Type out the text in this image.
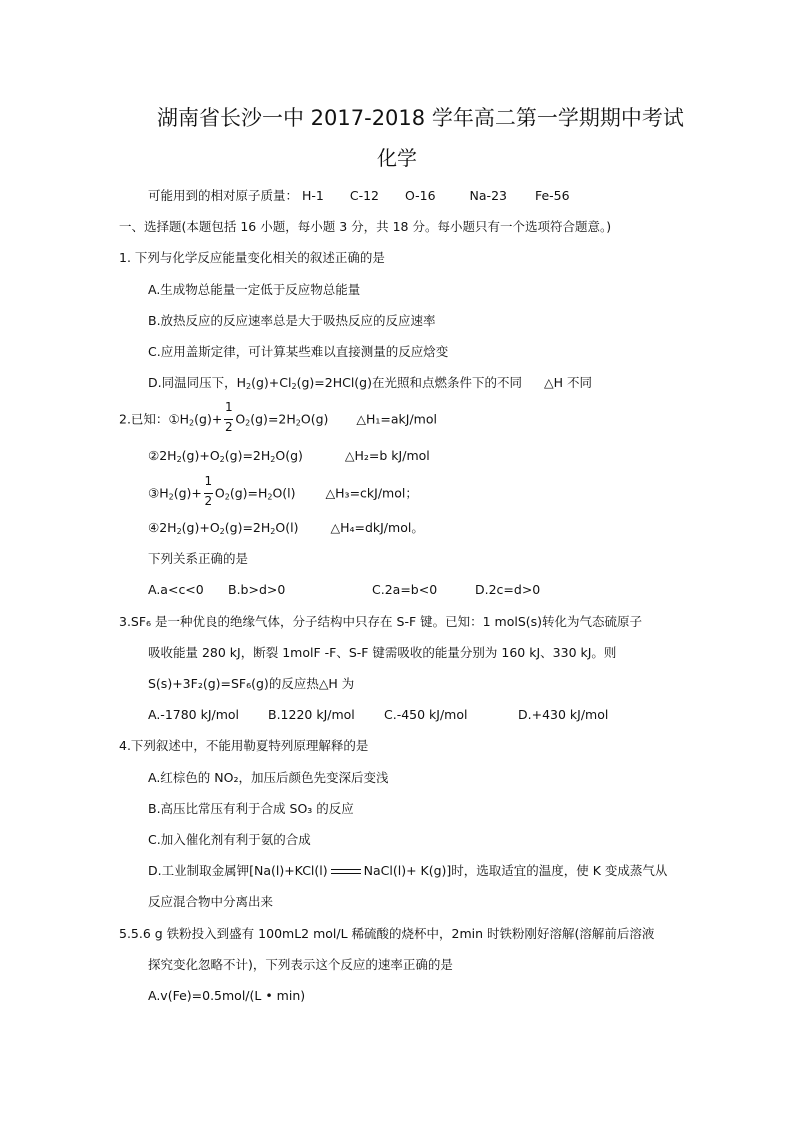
湖南省长沙一中 2017-2018 学年高二第一学期期中考试
化学
可能用到的相对原子质量： H-1 C-12 O-16	Na-23 Fe-56
一、选择题(本题包括 16 小题，每小题 3 分，共 18 分。每小题只有一个选项符合题意。)
1. 下列与化学反应能量变化相关的叙述正确的是
A.生成物总能量一定低于反应物总能量
B.放热反应的反应速率总是大于吸热反应的反应速率
C.应用盖斯定律，可计算某些难以直接测量的反应焓变
D.同温同压下，$H_2(g)+Cl_2(g)=2HCl(g)$在光照和点燃条件下的不同 △H 不同
2.已知：$①H_2(g)+ \frac{1}{2} O_2(g)=2H_2O(g)$ △H₁=akJ/mol
$②2H_2(g)+O_2(g)=2H_2O(g)$	△H₂=b kJ/mol
$③H_2(g)+ \frac{1}{2} O_2(g)=H_2O(l)$ △H₃=ckJ/mol；
$④2H_2(g)+O_2(g)=2H_2O(l)$	△H₄=dkJ/mol。
下列关系正确的是
A.a<c<0 B.b>d>0	C.2a=b<0	D.2c=d>0
3.SF₆ 是一种优良的绝缘气体，分子结构中只存在 S-F 键。已知：1 molS(s)转化为气态硫原子
吸收能量 280 kJ，断裂 1molF -F、S-F 键需吸收的能量分别为 160 kJ、330 kJ。则
S(s)+3F₂(g)=SF₆(g)的反应热△H 为
A.-1780 kJ/mol B.1220 kJ/mol C.-450 kJ/mol	D.+430 kJ/mol
4.下列叙述中，不能用勒夏特列原理解释的是
A.红棕色的 NO₂，加压后颜色先变深后变浅
B.高压比常压有利于合成 SO₃ 的反应
C.加入催化剂有利于氨的合成
D.工业制取金属钾[Na(l)+KCl(l)	NaCl(l)+ K(g)]时，选取适宜的温度，使 K 变成蒸气从
反应混合物中分离出来
5.5.6 g 铁粉投入到盛有 100mL2 mol/L 稀硫酸的烧杯中，2min 时铁粉刚好溶解(溶解前后溶液
探究变化忽略不计)，下列表示这个反应的速率正确的是
A.v(Fe)=0.5mol/(L • min)
